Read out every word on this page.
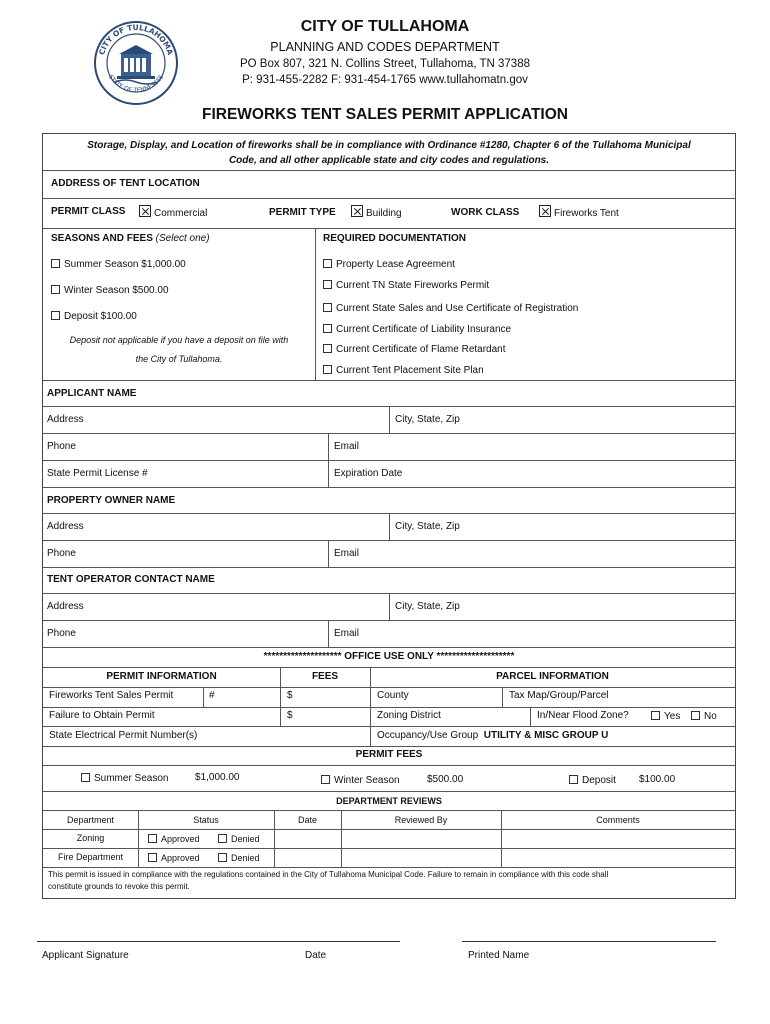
CITY OF TULLAHOMA
STATE OF TENNESSEE
CITY OF TULLAHOMA
PLANNING AND CODES DEPARTMENT
PO Box 807, 321 N. Collins Street, Tullahoma, TN 37388
P: 931-455-2282 F: 931-454-1765 www.tullahomatn.gov
FIREWORKS TENT SALES PERMIT APPLICATION
Storage, Display, and Location of fireworks shall be in compliance with Ordinance #1280, Chapter 6 of the Tullahoma Municipal
Code, and all other applicable state and city codes and regulations.
ADDRESS OF TENT LOCATION
PERMIT CLASS	Commercial	PERMIT TYPE	Building	WORK CLASS	Fireworks Tent
SEASONS AND FEES (Select one)
Summer Season $1,000.00
Winter Season $500.00
Deposit $100.00
Deposit not applicable if you have a deposit on file with
the City of Tullahoma.
REQUIRED DOCUMENTATION
Property Lease Agreement
Current TN State Fireworks Permit
Current State Sales and Use Certificate of Registration
Current Certificate of Liability Insurance
Current Certificate of Flame Retardant
Current Tent Placement Site Plan
APPLICANT NAME
Address	City, State, Zip
Phone	Email
State Permit License #	Expiration Date
PROPERTY OWNER NAME
Address	City, State, Zip
Phone	Email
TENT OPERATOR CONTACT NAME
Address	City, State, Zip
Phone	Email
******************** OFFICE USE ONLY ********************
PERMIT INFORMATION	FEES	PARCEL INFORMATION
Fireworks Tent Sales Permit	#	$	County	Tax Map/Group/Parcel
Failure to Obtain Permit	$	Zoning District	In/Near Flood Zone?	Yes	No
State Electrical Permit Number(s)	Occupancy/Use Group UTILITY & MISC GROUP U
PERMIT FEES
Summer Season	$1,000.00	Winter Season	$500.00	Deposit $100.00
DEPARTMENT REVIEWS
Department	Status	Date	Reviewed By	Comments
Zoning	Approved	Denied
Fire Department	Approved	Denied
This permit is issued in compliance with the regulations contained in the City of Tullahoma Municipal Code. Failure to remain in compliance with this code shall
constitute grounds to revoke this permit.
Applicant Signature	Date	Printed Name
